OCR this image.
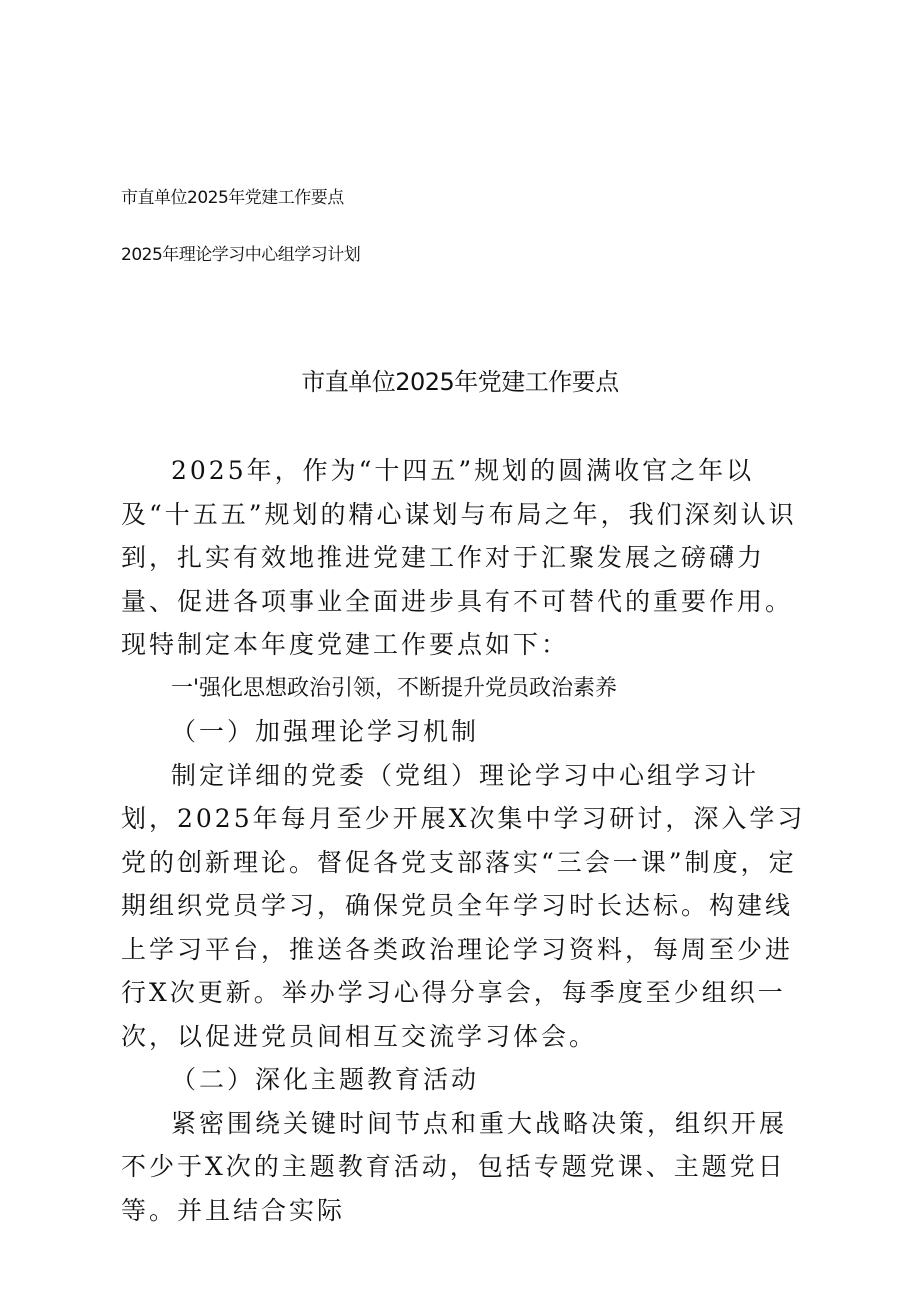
市直单位2025年党建工作要点
2025年理论学习中心组学习计划
市直单位2025年党建工作要点

2025年，作为“十四五”规划的圆满收官之年以及“十五五”规划的精心谋划与布局之年，我们深刻认识到，扎实有效地推进党建工作对于汇聚发展之磅礴力量、促进各项事业全面进步具有不可替代的重要作用。现特制定本年度党建工作要点如下：

一'强化思想政治引领，不断提升党员政治素养

（一）加强理论学习机制

制定详细的党委（党组）理论学习中心组学习计划，2025年每月至少开展X次集中学习研讨，深入学习党的创新理论。督促各党支部落实“三会一课”制度，定期组织党员学习，确保党员全年学习时长达标。构建线上学习平台，推送各类政治理论学习资料，每周至少进行X次更新。举办学习心得分享会，每季度至少组织一次，以促进党员间相互交流学习体会。

（二）深化主题教育活动

紧密围绕关键时间节点和重大战略决策，组织开展不少于X次的主题教育活动，包括专题党课、主题党日等。并且结合实际
